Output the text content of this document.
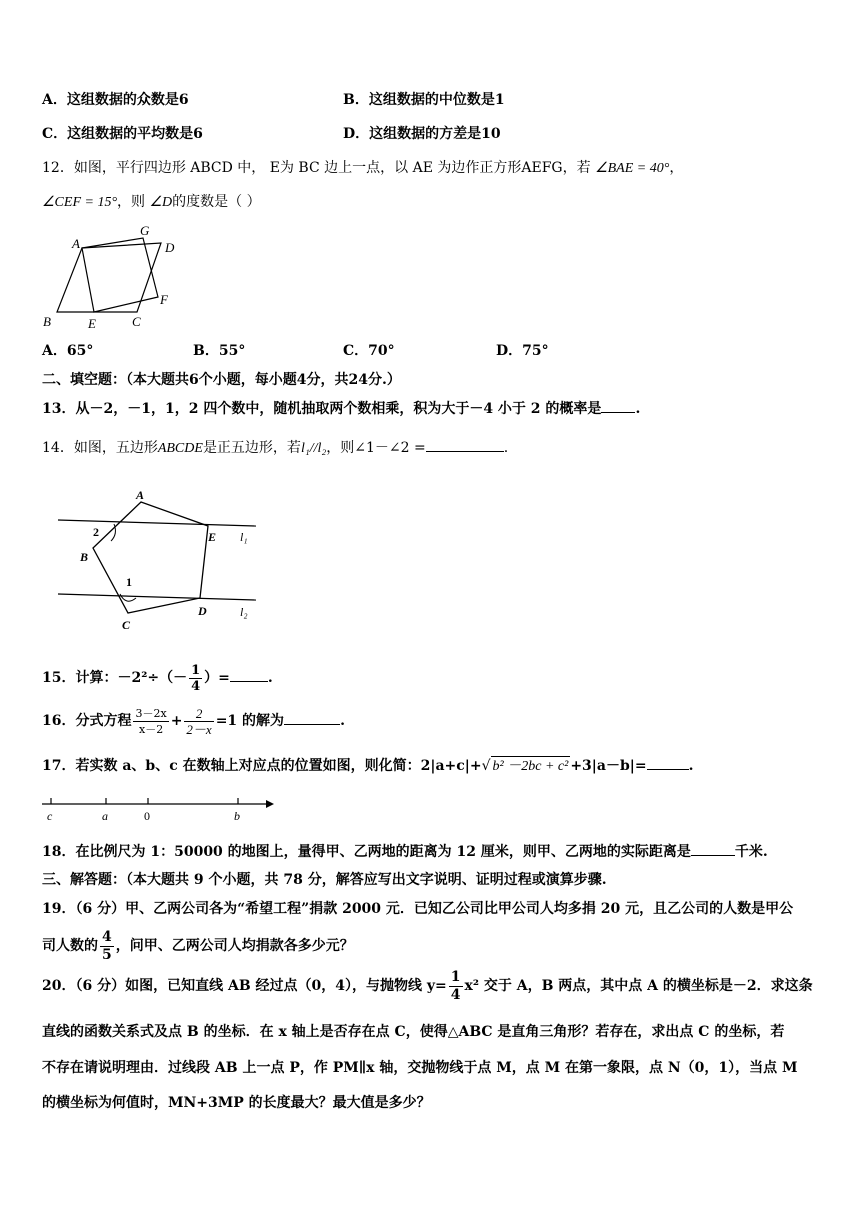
A．这组数据的众数是6	B．这组数据的中位数是1
C．这组数据的平均数是6	D．这组数据的方差是10
12．如图，平行四边形 ABCD 中， E为 BC 边上一点，以 AE 为边作正方形AEFG，若 ∠BAE = 40°，
∠CEF = 15°，则 ∠D的度数是（ ）
A
G
D
F
B	E	C
A．65°	B．55°	C．70°	D．75°
二、填空题：（本大题共6个小题，每小题4分，共24分.）
13．从－2，－1，1，2 四个数中，随机抽取两个数相乘，积为大于－4 小于 2 的概率是 .
14．如图，五边形ABCDE是正五边形，若l₁//l₂，则∠1－∠2 =	.
A
E
B
C
D
l₁
l₂
1
2
15．计算：$-2^2\div(- \frac{1}{4}$ ）=	.
16．分式方程 $\frac{3-2x}{x-2} + \frac{2}{2-x} =1$ 的解为	.
17．若实数 a、b、c 在数轴上对应点的位置如图，则化简：2|a+c|+√ b² －2bc + c² +3|a－b|=	.
c	a	0	b
18．在比例尺为 1：50000 的地图上，量得甲、乙两地的距离为 12 厘米，则甲、乙两地的实际距离是	千米.
三、解答题：（本大题共 9 个小题，共 78 分，解答应写出文字说明、证明过程或演算步骤.
19．（6 分）甲、乙两公司各为“希望工程”捐款 2000 元．已知乙公司比甲公司人均多捐 20 元，且乙公司的人数是甲公
司人数的 $\frac{4}{5}$ ，问甲、乙两公司人均捐款各多少元？
20．（6 分）如图，已知直线 AB 经过点（0，4），与抛物线 $y= \frac{1}{4} x^2$ 交于 A，B 两点，其中点 A 的横坐标是－2．求这条
直线的函数关系式及点 B 的坐标．在 x 轴上是否存在点 C，使得△ABC 是直角三角形？若存在，求出点 C 的坐标，若
不存在请说明理由．过线段 AB 上一点 P，作 PM∥x 轴，交抛物线于点 M，点 M 在第一象限，点 N（0，1），当点 M
的横坐标为何值时，MN+3MP 的长度最大？最大值是多少？
